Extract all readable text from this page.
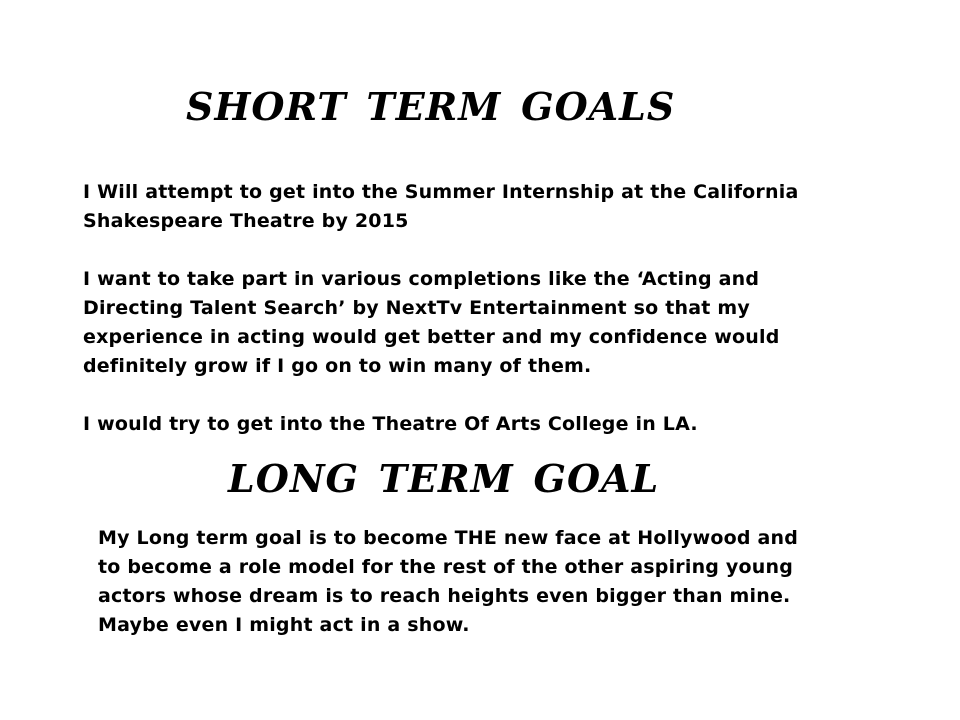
short term goals

I Will attempt to get into the Summer Internship at the California
Shakespeare Theatre by 2015

I want to take part in various completions like the ‘Acting and
Directing Talent Search’ by NextTv Entertainment so that my
experience in acting would get better and my confidence would
definitely grow if I go on to win many of them.

I would try to get into the Theatre Of Arts College in LA.

long term goal

My Long term goal is to become THE new face at Hollywood and
to become a role model for the rest of the other aspiring young
actors whose dream is to reach heights even bigger than mine.
Maybe even I might act in a show.
